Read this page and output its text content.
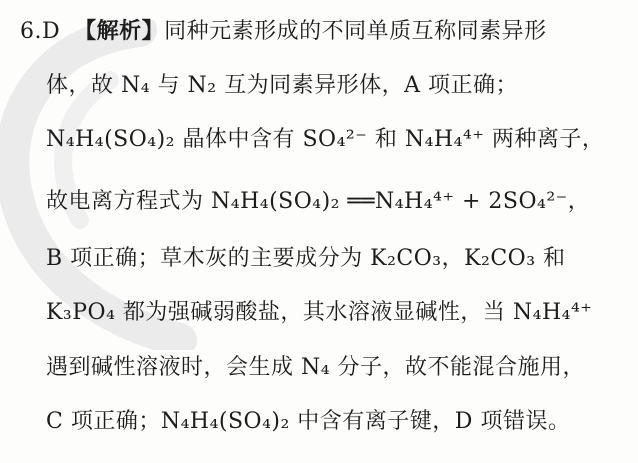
6.D 【解析】同种元素形成的不同单质互称同素异形
体，故 N₄ 与 N₂ 互为同素异形体，A 项正确；
N₄H₄(SO₄)₂ 晶体中含有 SO₄²⁻ 和 N₄H₄⁴⁺ 两种离子，
故电离方程式为 N₄H₄(SO₄)₂ ══N₄H₄⁴⁺ + 2SO₄²⁻，
B 项正确；草木灰的主要成分为 K₂CO₃，K₂CO₃ 和
K₃PO₄ 都为强碱弱酸盐，其水溶液显碱性，当 N₄H₄⁴⁺
遇到碱性溶液时，会生成 N₄ 分子，故不能混合施用，
C 项正确；N₄H₄(SO₄)₂ 中含有离子键，D 项错误。
